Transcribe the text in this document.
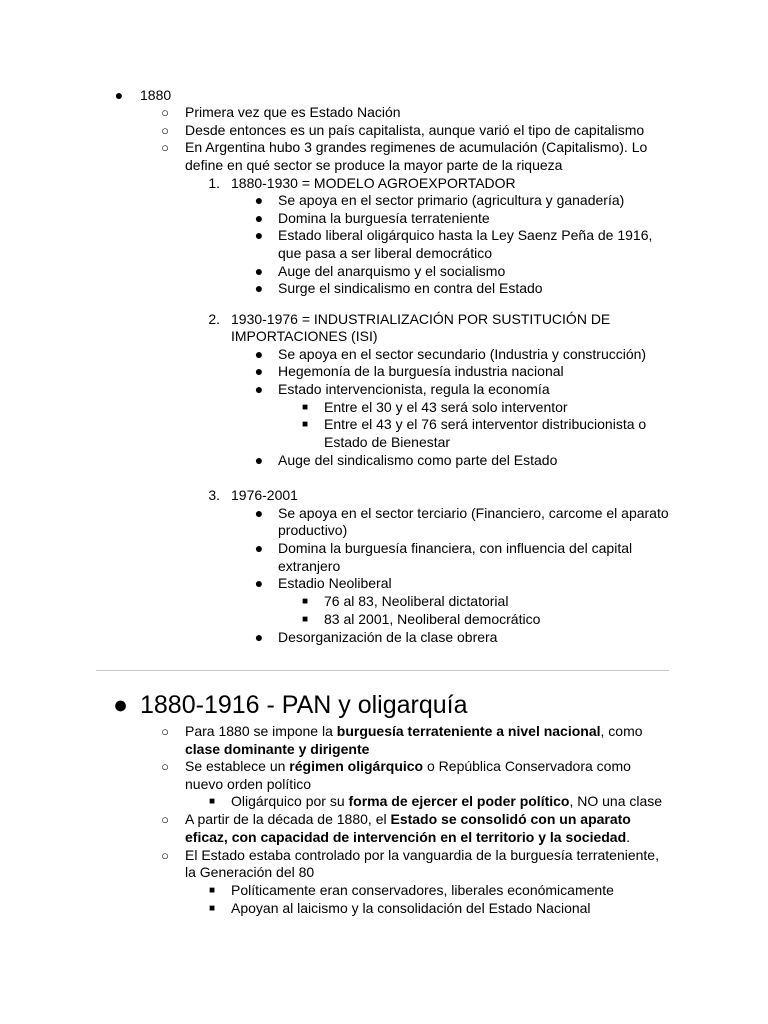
● 1880
○ Primera vez que es Estado Nación
○ Desde entonces es un país capitalista, aunque varió el tipo de capitalismo
○ En Argentina hubo 3 grandes regimenes de acumulación (Capitalismo). Lo
define en qué sector se produce la mayor parte de la riqueza
1. 1880-1930 = MODELO AGROEXPORTADOR
● Se apoya en el sector primario (agricultura y ganadería)
● Domina la burguesía terrateniente
● Estado liberal oligárquico hasta la Ley Saenz Peña de 1916,
que pasa a ser liberal democrático
● Auge del anarquismo y el socialismo
● Surge el sindicalismo en contra del Estado
2. 1930-1976 = INDUSTRIALIZACIÓN POR SUSTITUCIÓN DE
IMPORTACIONES (ISI)
● Se apoya en el sector secundario (Industria y construcción)
● Hegemonía de la burguesía industria nacional
● Estado intervencionista, regula la economía
■ Entre el 30 y el 43 será solo interventor
■ Entre el 43 y el 76 será interventor distribucionista o
Estado de Bienestar
● Auge del sindicalismo como parte del Estado
3. 1976-2001
● Se apoya en el sector terciario (Financiero, carcome el aparato
productivo)
● Domina la burguesía financiera, con influencia del capital
extranjero
● Estadio Neoliberal
■ 76 al 83, Neoliberal dictatorial
■ 83 al 2001, Neoliberal democrático
● Desorganización de la clase obrera
● 1880-1916 - PAN y oligarquía
○ Para 1880 se impone la burguesía terrateniente a nivel nacional, como
clase dominante y dirigente
○ Se establece un régimen oligárquico o República Conservadora como
nuevo orden político
■ Oligárquico por su forma de ejercer el poder político, NO una clase
○ A partir de la década de 1880, el Estado se consolidó con un aparato
eficaz, con capacidad de intervención en el territorio y la sociedad.
○ El Estado estaba controlado por la vanguardia de la burguesía terrateniente,
la Generación del 80
■ Políticamente eran conservadores, liberales económicamente
■ Apoyan al laicismo y la consolidación del Estado Nacional
